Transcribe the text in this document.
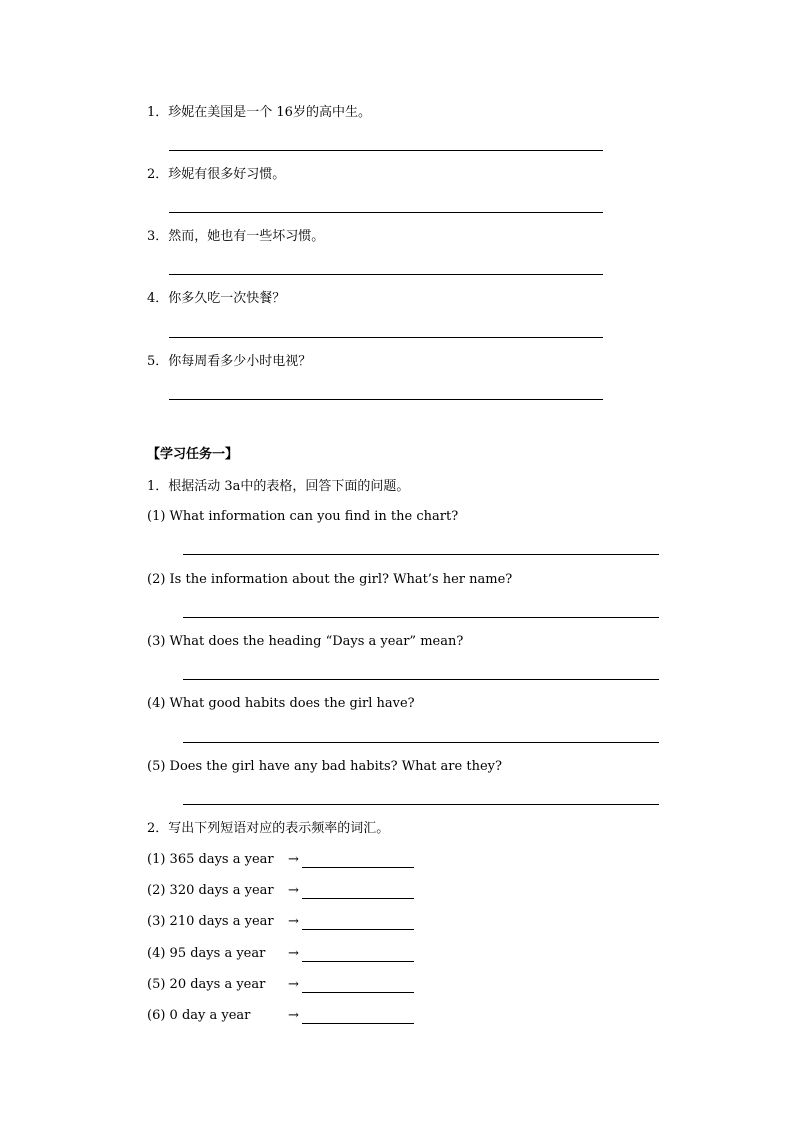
1．珍妮在美国是一个 16岁的高中生。
2．珍妮有很多好习惯。
3．然而，她也有一些坏习惯。
4．你多久吃一次快餐？
5．你每周看多少小时电视？
【学习任务一】
1．根据活动 3a中的表格，回答下面的问题。
(1) What information can you find in the chart?
(2) Is the information about the girl? What’s her name?
(3) What does the heading “Days a year” mean?
(4) What good habits does the girl have?
(5) Does the girl have any bad habits? What are they?
2．写出下列短语对应的表示频率的词汇。
(1) 365 days a year →
(2) 320 days a year →
(3) 210 days a year →
(4) 95 days a year →
(5) 20 days a year →
(6) 0 day a year	→
